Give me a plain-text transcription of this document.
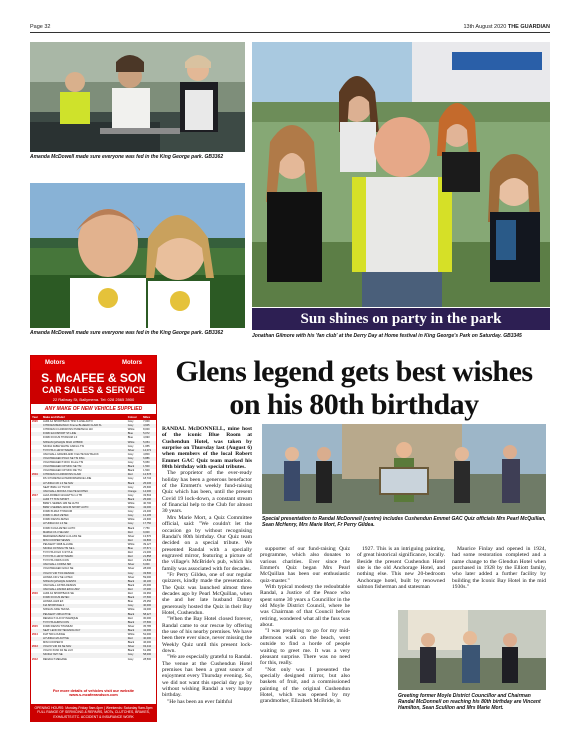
Page 32	13th August 2020 THE GUARDIAN
Amanda McDowell made sure everyone was fed in the King George park. GB3362
Amanda McDowell made sure everyone was fed in the King George park. GB3362
Sun shines on party in the park
Jonathan Gilmore with his 'fan club' at the Derry Day at Home festival in King George's Park on Saturday. GB3345
Motors	Motors
S. McAFEE & SON
CAR SALES & SERVICE
22 Railway St, Ballymena. Tel: 028 2565 3900
ANY MAKE OF NEW VEHICLE SUPPLIED
Year	Make and Model	Colour	Miles
2020	AUDI A4 SPORTBACK TFSI S LINE AUTO	Grey	7,000
	CITROEN BERLINGO Xtreme BLUEHDI FLAIR XL	Grey	4,605
	CITROEN C3 AIRCROSS PURETECH 110	White	8,000
	FORD ECOSPORT ST-LINE	Blue	5,072
	FORD FOCUS TITANIUM 1.0	Blue	4,993
	NISSAN QASHQAI MILD HYBRID	White	5,054
	SKODA FABIA WHITE CAR/LG TSI	Grey	1,955
	TOYOTA C-HR DYNAMIC	Silver	14,072
	VAUXHALL GRANDLAND X ELITE NAV BLACK	Grey	4,800
	VOLKSWAGEN POLO SE TSI DSG	Grey	6,886
	VOLKSWAGEN T-ROC R-Line TSI	Grey	5,950
	VOLKSWAGEN UP MOC SE TSI	Black	1,500
	VOLKSWAGEN UP MOC RE TSI	Black	1,500
2019	CITROEN C3 AIRCROSS FLAIR	Red	12,578
	DS 3 PURETECH PERFORMANCE LINE	Grey	18,734
	HYUNDAI i30 1.0 SE NAV	Black	25,036
	SEAT IBIZA 1.0 TSI FR	Grey	25,600
	VAUXHALL MOKKA X ELITE ECOTEC	Orange	14,000
2017	ALFA ROMEO GIULIETTA 1.4 TB	Grey	33,504
	AUDI TT TFSI SPORT	Black	25,000
	BMW 1 SERIES 118i SE AUTO	White	40,700
	BMW 4 SERIES 420d M SPORT AUTO	White	43,000
	FORD B-MAX TITANIUM	Grey	24,400
	FORD C-MAX ZETEC	Grey	12,105
	FORD FIESTA ZETEC	White	24,600
	HYUNDAI i10 1.0 SE	Grey	17,750
	FORD KUGA ZETEC AUTO	Black	7,750
	MAZDA CX-3 SE-NAV	Red	9,000
	MERCEDES-BENZ A-CLASS SE	Silver	13,570
	MINI COOPER SEVEN	Red	32,806
	PEUGEOT 3008 ALLURE	White	39,127
	SKODA OCTAVIA TSI SE L	Blue	37,571
	TOYOTA AYGO X-STYLE	Red	21,000
	TOYOTA C-HR DYNAMIC	Red	21,858
	TOYOTA YARIS ICON	Red	21,840
	VAUXHALL CORSA SRI	Silver	6,000
	VOLKSWAGEN GOLF SE	Silver	28,000
	VOLVO V40 T3 R-DESIGN	Grey	33,500
	HONDA CR-V SE i-DTEC	Silver	59,000
	NISSAN QASHQAI ACENTA	Black	46,100
	VAUXHALL ASTRA DESIGN	Black	20,000
	VAUXHALL ZAFIRA EXCLUSIV	Red	47,000
2016	AUDI A3 SPORTBACK SE	Red	32,360
	FORD FOCUS ZETEC	Black	37,500
	HONDA JAZZ EX	Blue	25,250
	KIA SPORTAGE 2	Grey	40,000
	NISSAN JUKE TEKNA	White	43,000
	PEUGEOT 208 ACTIVE	Black	58,227
	RENAULT CLIO DYNAMIQUE	Red	30,000
	TOYOTA AURIS ICON	Black	37,500
2015	FORD FIESTA TITANIUM	Silver	35,785
	SEAT LEON FR TECHNOLOGY	Black	42,000
2014	FIAT 500 LOUNGE	White	52,000
	HYUNDAI i20 ACTIVE	Red	40,000
	MINI COOPER D	Black	46,000
2013	VOLVO V40 D2 SE NAV	Silver	93,442
	VOLVO XC60 D4 SE LUX	Black	61,280
	SKODA YETI SE	Grey	58,000
2012	RENAULT MEGANE	Grey	28,500
For more details of vehicles visit our website
www.s-mcafeeandson.com
OPENING HOURS: Monday-Friday 9am-6pm | Weekends: Saturday 9am-5pm
FULL RANGE OF SERVICING & REPAIRS, MOTs, CLUTCHES, BRAKES, EXHAUSTS ETC. ACCIDENT & INSURANCE WORK
Glens legend gets best wishes on his 80th birthday

RANDAL McDONNELL, mine host of the iconic Blue Room at Cushendun Hotel, was taken by surprise on Thursday last (August 6) when members of the local Robert Emmet GAC Quiz team marked his 80th birthday with special tributes.

The proprietor of the ever-ready holiday has been a generous benefactor of the Emmett's weekly fund-raising Quiz which has been, until the present Covid 19 lock-down, a constant stream of financial help to the Club for almost 30 years.

Mrs Marie Mort, a Quiz Committee official, said: "We couldn't let the occasion go by without recognising Randal's 80th birthday. Our Quiz team decided on a special tribute. We presented Randal with a specially engraved mirror, featuring a picture of the village's McBride's pub, which his family was associated with for decades.

"Fr Perry Gildea, one of our regular quizzers, kindly made the presentation. The Quiz was launched almost three decades ago by Pearl McQuillan, when she and her late husband Danny generously hosted the Quiz in their Bay Hotel, Cushendun.

"When the Bay Hotel closed forever, Randal came to our rescue by offering the use of his nearby premises. We have been there ever since, never missing the Weekly Quiz until this present lock-down.

"We are especially grateful to Randal. The venue at the Cushendun Hotel premises has been a great source of enjoyment every Thursday evening. So, we did not want this special day go by without wishing Randal a very happy birthday.

"He has been an ever faithful

supporter of our fund-raising Quiz programme, which also donates to various charities. Ever since the Emmet's Quiz began Mrs Pearl McQuillan has been our enthusiastic quiz-master."

With typical modesty the redoubtable Randal, a Justice of the Peace who spent some 30 years a Councillor in the old Moyle District Council, where he was Chairman of that Council before retiring, wondered what all the fuss was about.

"I was preparing to go for my mid-afternoon walk on the beach, went outside to find a horde of people waiting to greet me. It was a very pleasant surprise. There was no need for this, really.

"Not only was I presented the specially designed mirror, but also baskets of fruit, and a commissioned painting of the original Cushendun Hotel, which was opened by my grandmother, Elizabeth McBride, in

1927. This is an intriguing painting, of great historical significance, locally. Beside the present Cushendun Hotel site is the old Anchorage Hotel, and nothing else. This new 20-bedroom Anchorage hotel, built by renowned salmon fisherman and statesman

Maurice Finlay and opened in 1924, had some restoration completed and a name change to the Glendun Hotel when purchased in 1928 by the Elliott family, who later added a further facility by building the Iconic Bay Hotel in the mid 1930s."

Special presentation to Randal McDonnell (centre) includes Cushendun Emmet GAC Quiz officials Mrs Pearl McQuillan, Sean McHenry, Mrs Marie Mort, Fr Perry Gildea.
Greeting former Moyle District Councillor and Chairman Randal McDonnell on reaching his 80th birthday are Vincent Hamilton, Sean Scullion and Mrs Marie Mort.
